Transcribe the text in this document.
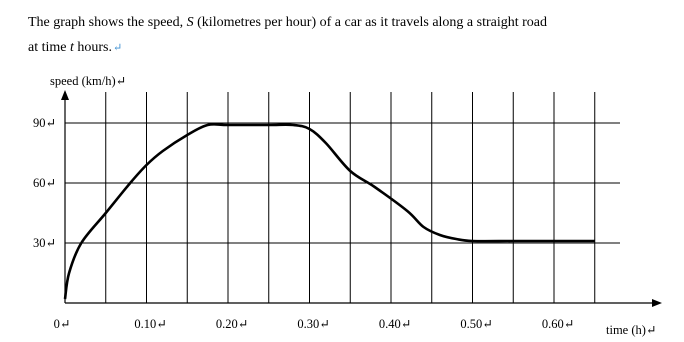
The graph shows the speed, S (kilometres per hour) of a car as it travels along a straight road

at time t hours.↵

0↵	0.10↵	0.20↵	0.30↵	0.40↵	0.50↵	0.60↵
30↵
60↵
90↵
speed (km/h)↵
time (h)↵
